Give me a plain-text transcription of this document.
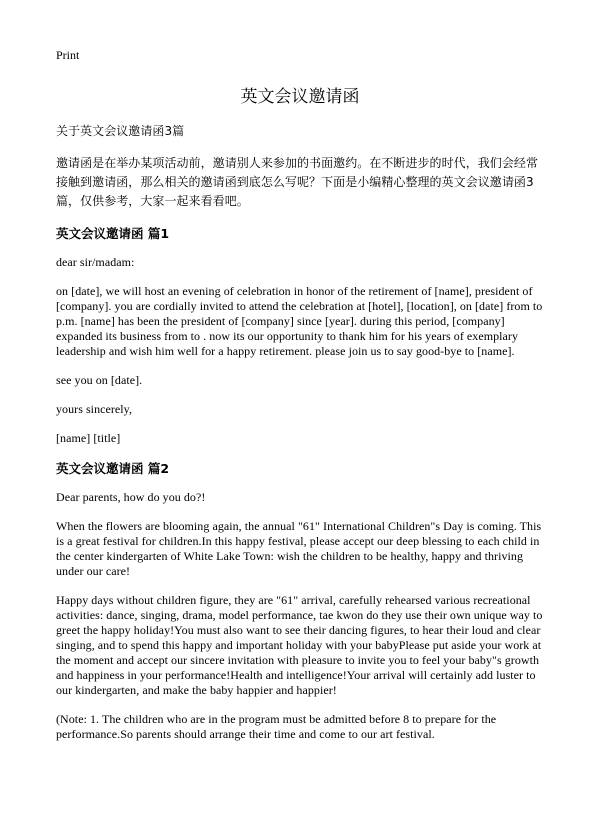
Print
英文会议邀请函

关于英文会议邀请函3篇

邀请函是在举办某项活动前，邀请别人来参加的书面邀约。在不断进步的时代，我们会经常接触到邀请函，那么相关的邀请函到底怎么写呢？下面是小编精心整理的英文会议邀请函3篇，仅供参考，大家一起来看看吧。

英文会议邀请函 篇1

dear sir/madam:

on [date], we will host an evening of celebration in honor of the retirement of [name], president of [company]. you are cordially invited to attend the celebration at [hotel], [location], on [date] from to p.m. [name] has been the president of [company] since [year]. during this period, [company] expanded its business from to . now its our opportunity to thank him for his years of exemplary leadership and wish him well for a happy retirement. please join us to say good-bye to [name].

see you on [date].

yours sincerely,

[name] [title]

英文会议邀请函 篇2

Dear parents, how do you do?!

When the flowers are blooming again, the annual "61" International Children"s Day is coming. This is a great festival for children.In this happy festival, please accept our deep blessing to each child in the center kindergarten of White Lake Town: wish the children to be healthy, happy and thriving under our care!

Happy days without children figure, they are "61" arrival, carefully rehearsed various recreational activities: dance, singing, drama, model performance, tae kwon do they use their own unique way to greet the happy holiday!You must also want to see their dancing figures, to hear their loud and clear singing, and to spend this happy and important holiday with your babyPlease put aside your work at the moment and accept our sincere invitation with pleasure to invite you to feel your baby"s growth and happiness in your performance!Health and intelligence!Your arrival will certainly add luster to our kindergarten, and make the baby happier and happier!

(Note: 1. The children who are in the program must be admitted before 8 to prepare for the performance.So parents should arrange their time and come to our art festival.
